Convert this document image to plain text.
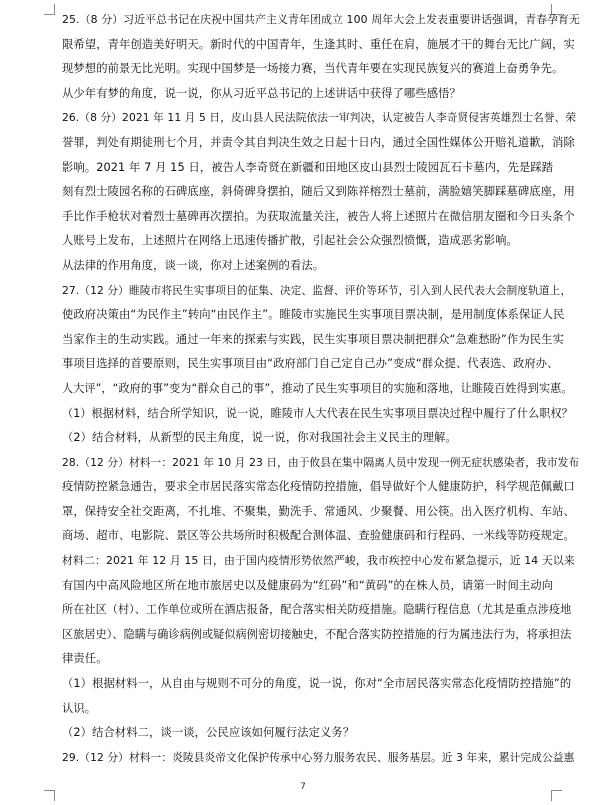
25.（8 分）习近平总书记在庆祝中国共产主义青年团成立 100 周年大会上发表重要讲话强调，青春孕育无
限希望，青年创造美好明天。新时代的中国青年，生逢其时、重任在肩，施展才干的舞台无比广阔，实
现梦想的前景无比光明。实现中国梦是一场接力赛，当代青年要在实现民族复兴的赛道上奋勇争先。
从少年有梦的角度，说一说，你从习近平总书记的上述讲话中获得了哪些感悟？
26.（8 分）2021 年 11 月 5 日，皮山县人民法院依法一审判决，认定被告人李奇贤侵害英雄烈士名誉、荣
誉罪，判处有期徒刑七个月，并责令其自判决生效之日起十日内，通过全国性媒体公开赔礼道歉，消除
影响。2021 年 7 月 15 日，被告人李奇贤在新疆和田地区皮山县烈士陵园瓦石卡墓内，先是踩踏
刻有烈士陵园名称的石碑底座，斜倚碑身摆拍，随后又到陈祥榕烈士墓前，满脸嬉笑脚踩墓碑底座，用
手比作手枪状对着烈士墓碑再次摆拍。为获取流量关注，被告人将上述照片在微信朋友圈和今日头条个
人账号上发布，上述照片在网络上迅速传播扩散，引起社会公众强烈愤慨，造成恶劣影响。
从法律的作用角度，谈一谈，你对上述案例的看法。
27.（12 分）睢陵市将民生实事项目的征集、决定、监督、评价等环节，引入到人民代表大会制度轨道上，
使政府决策由“为民作主”转向“由民作主”。睢陵市实施民生实事项目票决制，是用制度体系保证人民
当家作主的生动实践。通过一年来的探索与实践，民生实事项目票决制把群众“急难愁盼”作为民生实
事项目选择的首要原则，民生实事项目由“政府部门自己定自己办”变成“群众提、代表选、政府办、
人大评”，“政府的事”变为“群众自己的事”，推动了民生实事项目的实施和落地，让睢陵百姓得到实惠。
（1）根据材料，结合所学知识，说一说，睢陵市人大代表在民生实事项目票决过程中履行了什么职权？
（2）结合材料，从新型的民主角度，说一说，你对我国社会主义民主的理解。
28.（12 分）材料一：2021 年 10 月 23 日，由于攸县在集中隔离人员中发现一例无症状感染者，我市发布
疫情防控紧急通告，要求全市居民落实常态化疫情防控措施，倡导做好个人健康防护，科学规范佩戴口
罩，保持安全社交距离，不扎堆、不聚集，勤洗手、常通风、少聚餐、用公筷。出入医疗机构、车站、
商场、超市、电影院、景区等公共场所时积极配合测体温、查验健康码和行程码、一米线等防疫规定。
材料二：2021 年 12 月 15 日，由于国内疫情形势依然严峻，我市疾控中心发布紧急提示，近 14 天以来
有国内中高风险地区所在地市旅居史以及健康码为“红码”和“黄码”的在株人员，请第一时间主动向
所在社区（村）、工作单位或所在酒店报备，配合落实相关防疫措施。隐瞒行程信息（尤其是重点涉疫地
区旅居史）、隐瞒与确诊病例或疑似病例密切接触史，不配合落实防控措施的行为属违法行为，将承担法
律责任。
（1）根据材料一，从自由与规则不可分的角度，说一说，你对“全市居民落实常态化疫情防控措施”的
认识。
（2）结合材料二，谈一谈，公民应该如何履行法定义务？
29.（12 分）材料一：炎陵县炎帝文化保护传承中心努力服务农民、服务基层。近 3 年来，累计完成公益惠
7
